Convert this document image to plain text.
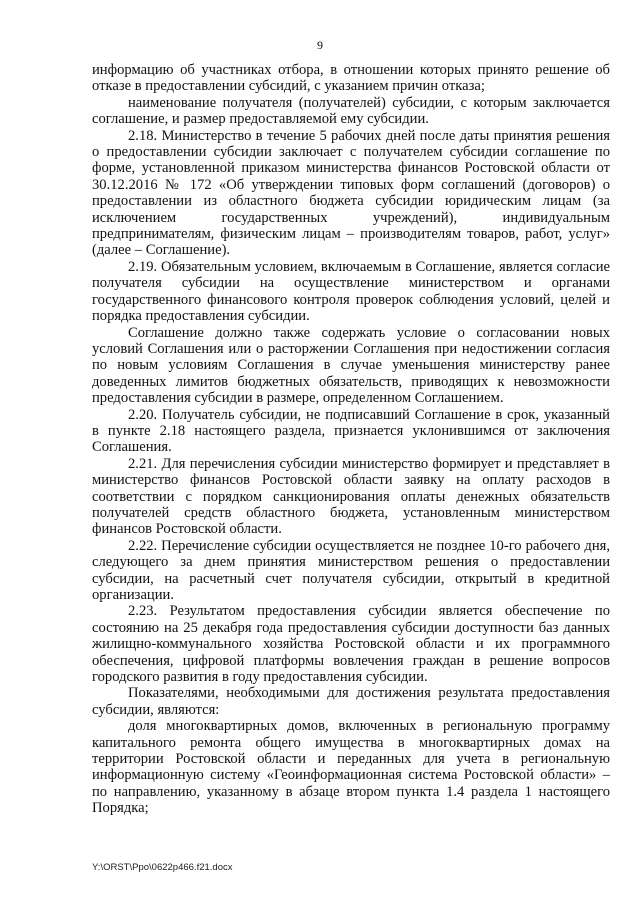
9

информацию об участниках отбора, в отношении которых принято решение об отказе в предоставлении субсидий, с указанием причин отказа;

наименование получателя (получателей) субсидии, с которым заключается соглашение, и размер предоставляемой ему субсидии.

2.18. Министерство в течение 5 рабочих дней после даты принятия решения о предоставлении субсидии заключает с получателем субсидии соглашение по форме, установленной приказом министерства финансов Ростовской области от 30.12.2016 № 172 «Об утверждении типовых форм соглашений (договоров) о предоставлении из областного бюджета субсидии юридическим лицам (за исключением государственных учреждений), индивидуальным предпринимателям, физическим лицам – производителям товаров, работ, услуг» (далее – Соглашение).

2.19. Обязательным условием, включаемым в Соглашение, является согласие получателя субсидии на осуществление министерством и органами государственного финансового контроля проверок соблюдения условий, целей и порядка предоставления субсидии.

Соглашение должно также содержать условие о согласовании новых условий Соглашения или о расторжении Соглашения при недостижении согласия по новым условиям Соглашения в случае уменьшения министерству ранее доведенных лимитов бюджетных обязательств, приводящих к невозможности предоставления субсидии в размере, определенном Соглашением.

2.20. Получатель субсидии, не подписавший Соглашение в срок, указанный в пункте 2.18 настоящего раздела, признается уклонившимся от заключения Соглашения.

2.21. Для перечисления субсидии министерство формирует и представляет в министерство финансов Ростовской области заявку на оплату расходов в соответствии с порядком санкционирования оплаты денежных обязательств получателей средств областного бюджета, установленным министерством финансов Ростовской области.

2.22. Перечисление субсидии осуществляется не позднее 10-го рабочего дня, следующего за днем принятия министерством решения о предоставлении субсидии, на расчетный счет получателя субсидии, открытый в кредитной организации.

2.23. Результатом предоставления субсидии является обеспечение по состоянию на 25 декабря года предоставления субсидии доступности баз данных жилищно-коммунального хозяйства Ростовской области и их программного обеспечения, цифровой платформы вовлечения граждан в решение вопросов городского развития в году предоставления субсидии.

Показателями, необходимыми для достижения результата предоставления субсидии, являются:

доля многоквартирных домов, включенных в региональную программу капитального ремонта общего имущества в многоквартирных домах на территории Ростовской области и переданных для учета в региональную информационную систему «Геоинформационная система Ростовской области» – по направлению, указанному в абзаце втором пункта 1.4 раздела 1 настоящего Порядка;

Y:\ORST\Ppo\0622p466.f21.docx
